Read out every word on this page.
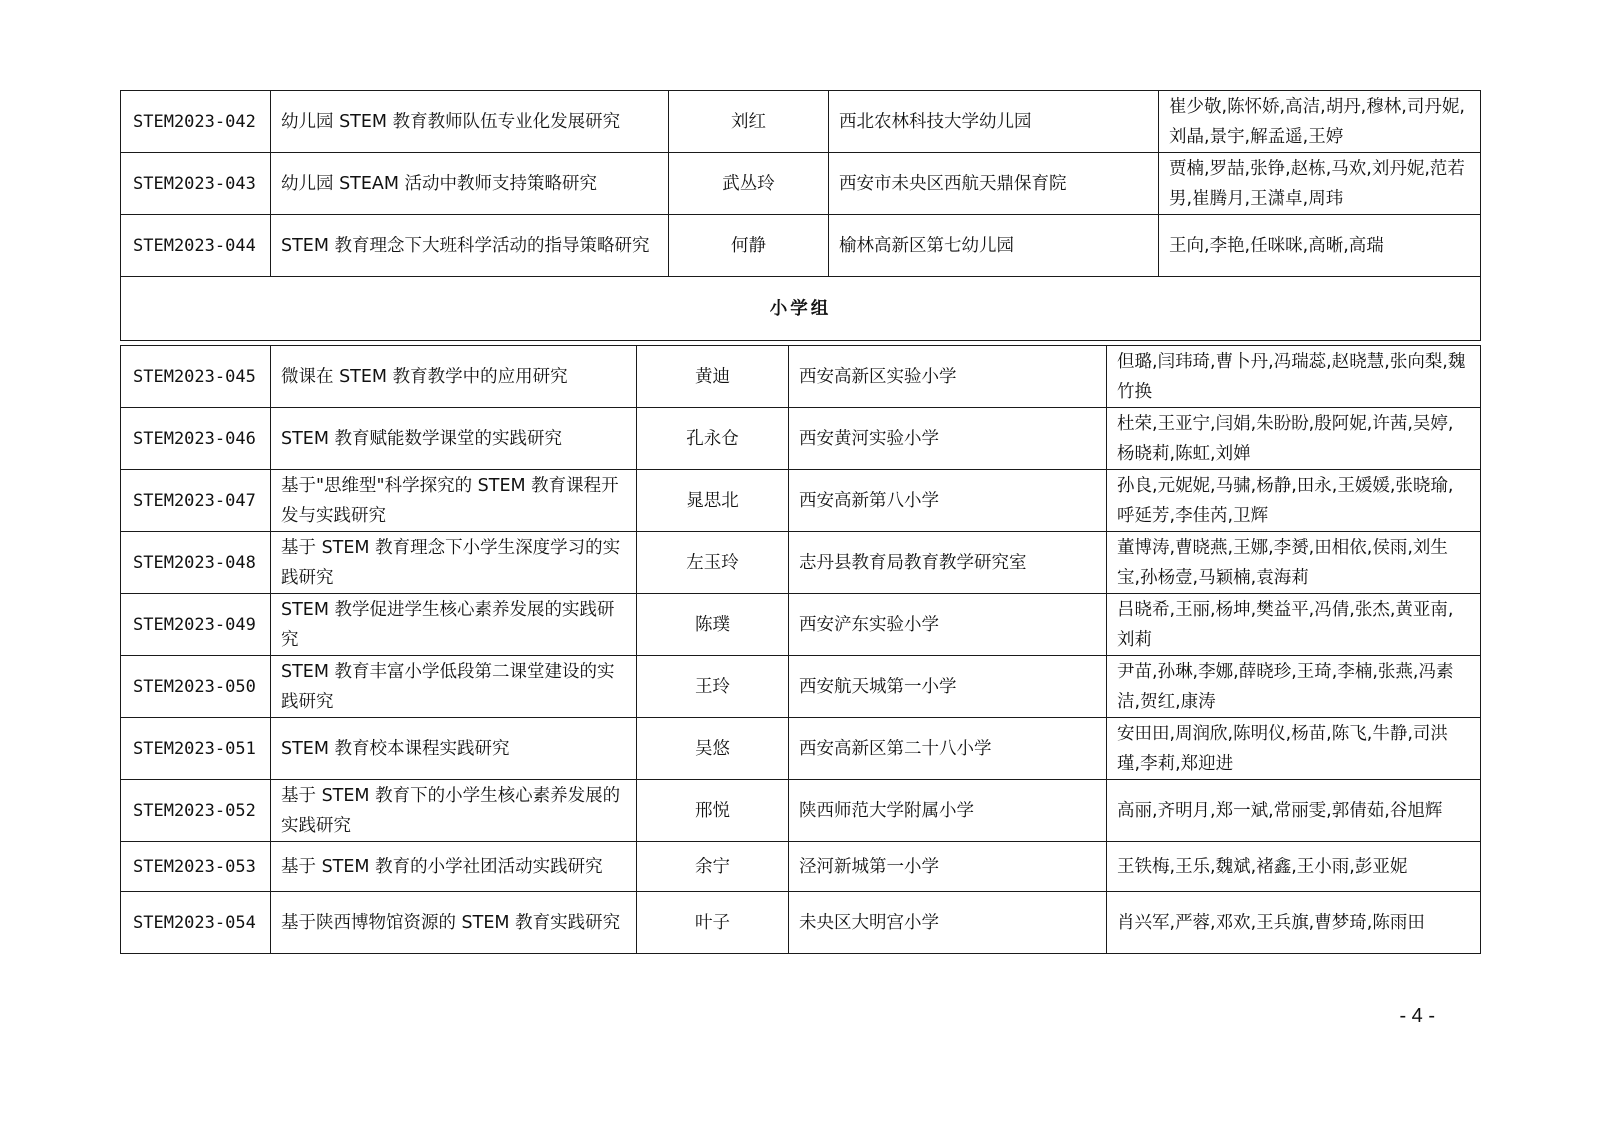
STEM2023-042	幼儿园 STEM 教育教师队伍专业化发展研究	刘红	西北农林科技大学幼儿园	崔少敬,陈怀娇,高洁,胡丹,穆林,司丹妮,刘晶,景宇,解孟遥,王婷
STEM2023-043	幼儿园 STEAM 活动中教师支持策略研究	武丛玲	西安市未央区西航天鼎保育院	贾楠,罗喆,张铮,赵栋,马欢,刘丹妮,范若男,崔腾月,王潇卓,周玮
STEM2023-044	STEM 教育理念下大班科学活动的指导策略研究	何静	榆林高新区第七幼儿园	王向,李艳,任咪咪,高晰,高瑞
小学组				
STEM2023-045	微课在 STEM 教育教学中的应用研究	黄迪	西安高新区实验小学	但璐,闫玮琦,曹卜丹,冯瑞蕊,赵晓慧,张向梨,魏竹换
STEM2023-046	STEM 教育赋能数学课堂的实践研究	孔永仓	西安黄河实验小学	杜荣,王亚宁,闫娟,朱盼盼,殷阿妮,许茜,吴婷,杨晓莉,陈虹,刘婵
STEM2023-047	基于"思维型"科学探究的 STEM 教育课程开发与实践研究	晁思北	西安高新第八小学	孙良,元妮妮,马骕,杨静,田永,王媛媛,张晓瑜,呼延芳,李佳芮,卫辉
STEM2023-048	基于 STEM 教育理念下小学生深度学习的实践研究	左玉玲	志丹县教育局教育教学研究室	董博涛,曹晓燕,王娜,李赟,田相依,侯雨,刘生宝,孙杨壹,马颖楠,袁海莉
STEM2023-049	STEM 教学促进学生核心素养发展的实践研究	陈璞	西安浐东实验小学	吕晓希,王丽,杨坤,樊益平,冯倩,张杰,黄亚南,刘莉
STEM2023-050	STEM 教育丰富小学低段第二课堂建设的实践研究	王玲	西安航天城第一小学	尹苗,孙琳,李娜,薛晓珍,王琦,李楠,张燕,冯素洁,贺红,康涛
STEM2023-051	STEM 教育校本课程实践研究	吴悠	西安高新区第二十八小学	安田田,周润欣,陈明仪,杨苗,陈飞,牛静,司洪瑾,李莉,郑迎进
STEM2023-052	基于 STEM 教育下的小学生核心素养发展的实践研究	邢悦	陕西师范大学附属小学	高丽,齐明月,郑一斌,常丽雯,郭倩茹,谷旭辉
STEM2023-053	基于 STEM 教育的小学社团活动实践研究	余宁	泾河新城第一小学	王铁梅,王乐,魏斌,褚鑫,王小雨,彭亚妮
STEM2023-054	基于陕西博物馆资源的 STEM 教育实践研究	叶子	未央区大明宫小学	肖兴军,严蓉,邓欢,王兵旗,曹梦琦,陈雨田
- 4 -
